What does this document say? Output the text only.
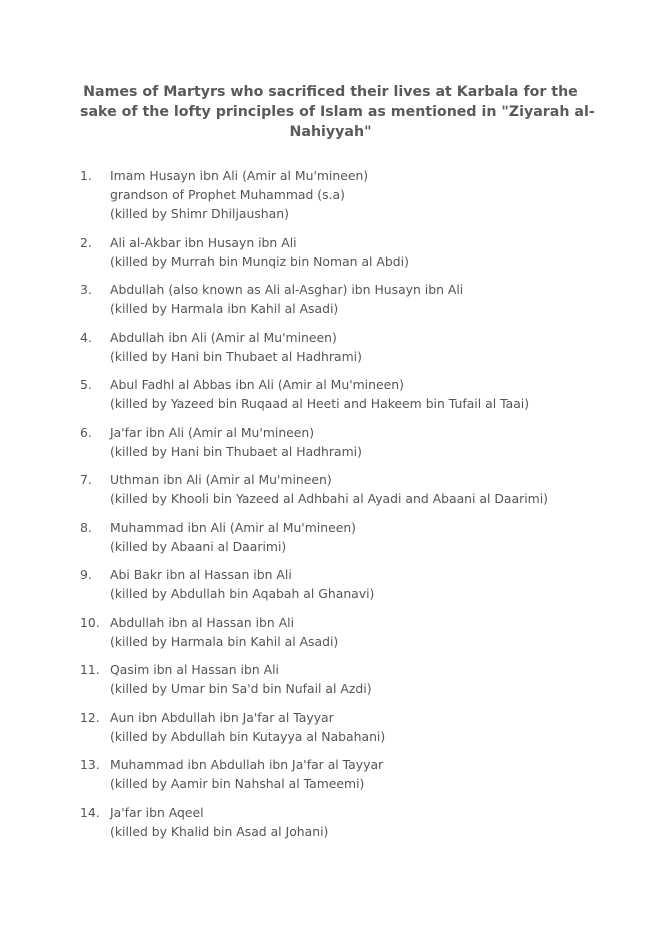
Names of Martyrs who sacrificed their lives at Karbala for the
sake of the lofty principles of Islam as mentioned in "Ziyarah al-
Nahiyyah"
1.	Imam Husayn ibn Ali (Amir al Mu'mineen)
grandson of Prophet Muhammad (s.a)
(killed by Shimr Dhiljaushan)
2.	Ali al-Akbar ibn Husayn ibn Ali
(killed by Murrah bin Munqiz bin Noman al Abdi)
3.	Abdullah (also known as Ali al-Asghar) ibn Husayn ibn Ali
(killed by Harmala ibn Kahil al Asadi)
4.	Abdullah ibn Ali (Amir al Mu'mineen)
(killed by Hani bin Thubaet al Hadhrami)
5.	Abul Fadhl al Abbas ibn Ali (Amir al Mu'mineen)
(killed by Yazeed bin Ruqaad al Heeti and Hakeem bin Tufail al Taai)
6.	Ja'far ibn Ali (Amir al Mu'mineen)
(killed by Hani bin Thubaet al Hadhrami)
7.	Uthman ibn Ali (Amir al Mu'mineen)
(killed by Khooli bin Yazeed al Adhbahi al Ayadi and Abaani al Daarimi)
8.	Muhammad ibn Ali (Amir al Mu'mineen)
(killed by Abaani al Daarimi)
9.	Abi Bakr ibn al Hassan ibn Ali
(killed by Abdullah bin Aqabah al Ghanavi)
10. Abdullah ibn al Hassan ibn Ali
(killed by Harmala bin Kahil al Asadi)
11. Qasim ibn al Hassan ibn Ali
(killed by Umar bin Sa'd bin Nufail al Azdi)
12. Aun ibn Abdullah ibn Ja'far al Tayyar
(killed by Abdullah bin Kutayya al Nabahani)
13. Muhammad ibn Abdullah ibn Ja'far al Tayyar
(killed by Aamir bin Nahshal al Tameemi)
14. Ja'far ibn Aqeel
(killed by Khalid bin Asad al Johani)
